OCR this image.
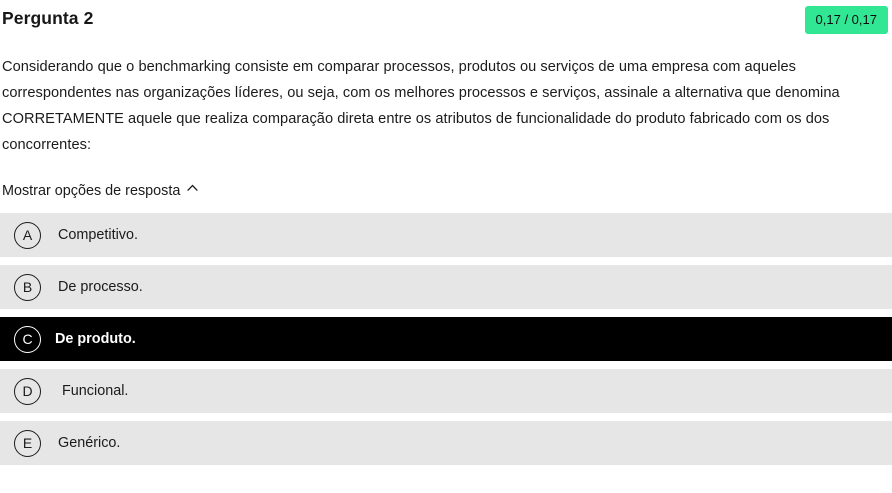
Pergunta 2	0,17 / 0,17
Considerando que o benchmarking consiste em comparar processos, produtos ou serviços de uma empresa com aqueles correspondentes nas organizações líderes, ou seja, com os melhores processos e serviços, assinale a alternativa que denomina CORRETAMENTE aquele que realiza comparação direta entre os atributos de funcionalidade do produto fabricado com os dos concorrentes:
Mostrar opções de resposta
A	Competitivo.
B	De processo.
C	De produto.
D	Funcional.
E	Genérico.
